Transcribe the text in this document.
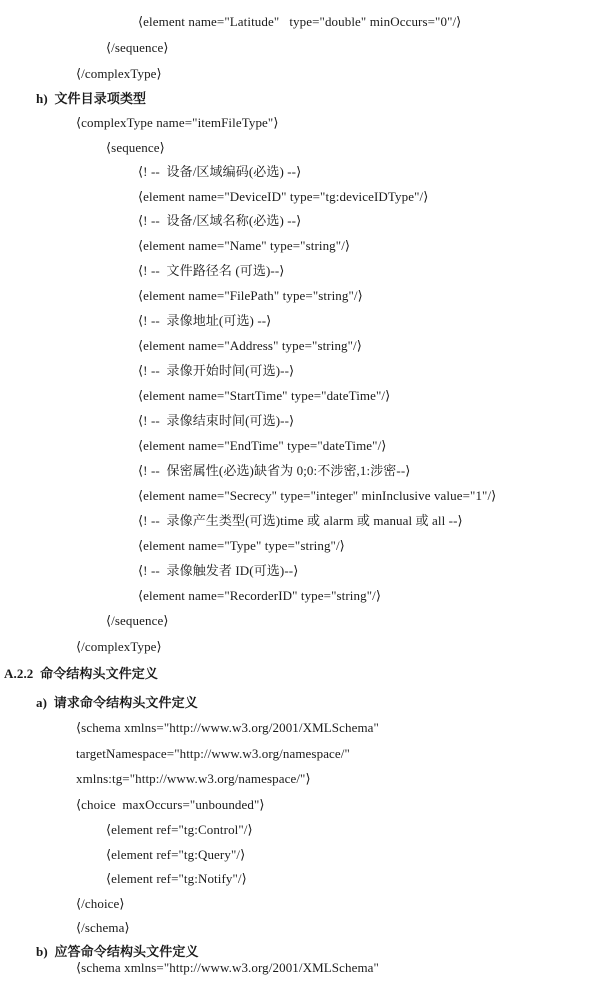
⟨element name="Latitude"   type="double" minOccurs="0"/⟩
⟨/sequence⟩
⟨/complexType⟩
h)  文件目录项类型
⟨complexType name="itemFileType"⟩
⟨sequence⟩
⟨! --  设备/区域编码(必选) --⟩
⟨element name="DeviceID" type="tg:deviceIDType"/⟩
⟨! --  设备/区域名称(必选) --⟩
⟨element name="Name" type="string"/⟩
⟨! --  文件路径名 (可选)--⟩
⟨element name="FilePath" type="string"/⟩
⟨! --  录像地址(可选) --⟩
⟨element name="Address" type="string"/⟩
⟨! --  录像开始时间(可选)--⟩
⟨element name="StartTime" type="dateTime"/⟩
⟨! --  录像结束时间(可选)--⟩
⟨element name="EndTime" type="dateTime"/⟩
⟨! --  保密属性(必选)缺省为 0;0:不涉密,1:涉密--⟩
⟨element name="Secrecy" type="integer" minInclusive value="1"/⟩
⟨! --  录像产生类型(可选)time 或 alarm 或 manual 或 all --⟩
⟨element name="Type" type="string"/⟩
⟨! --  录像触发者 ID(可选)--⟩
⟨element name="RecorderID" type="string"/⟩
⟨/sequence⟩
⟨/complexType⟩
A.2.2  命令结构头文件定义
a)  请求命令结构头文件定义
⟨schema xmlns="http://www.w3.org/2001/XMLSchema"
targetNamespace="http://www.w3.org/namespace/"
xmlns:tg="http://www.w3.org/namespace/"⟩
⟨choice  maxOccurs="unbounded"⟩
⟨element ref="tg:Control"/⟩
⟨element ref="tg:Query"/⟩
⟨element ref="tg:Notify"/⟩
⟨/choice⟩
⟨/schema⟩
b)  应答命令结构头文件定义
⟨schema xmlns="http://www.w3.org/2001/XMLSchema"
